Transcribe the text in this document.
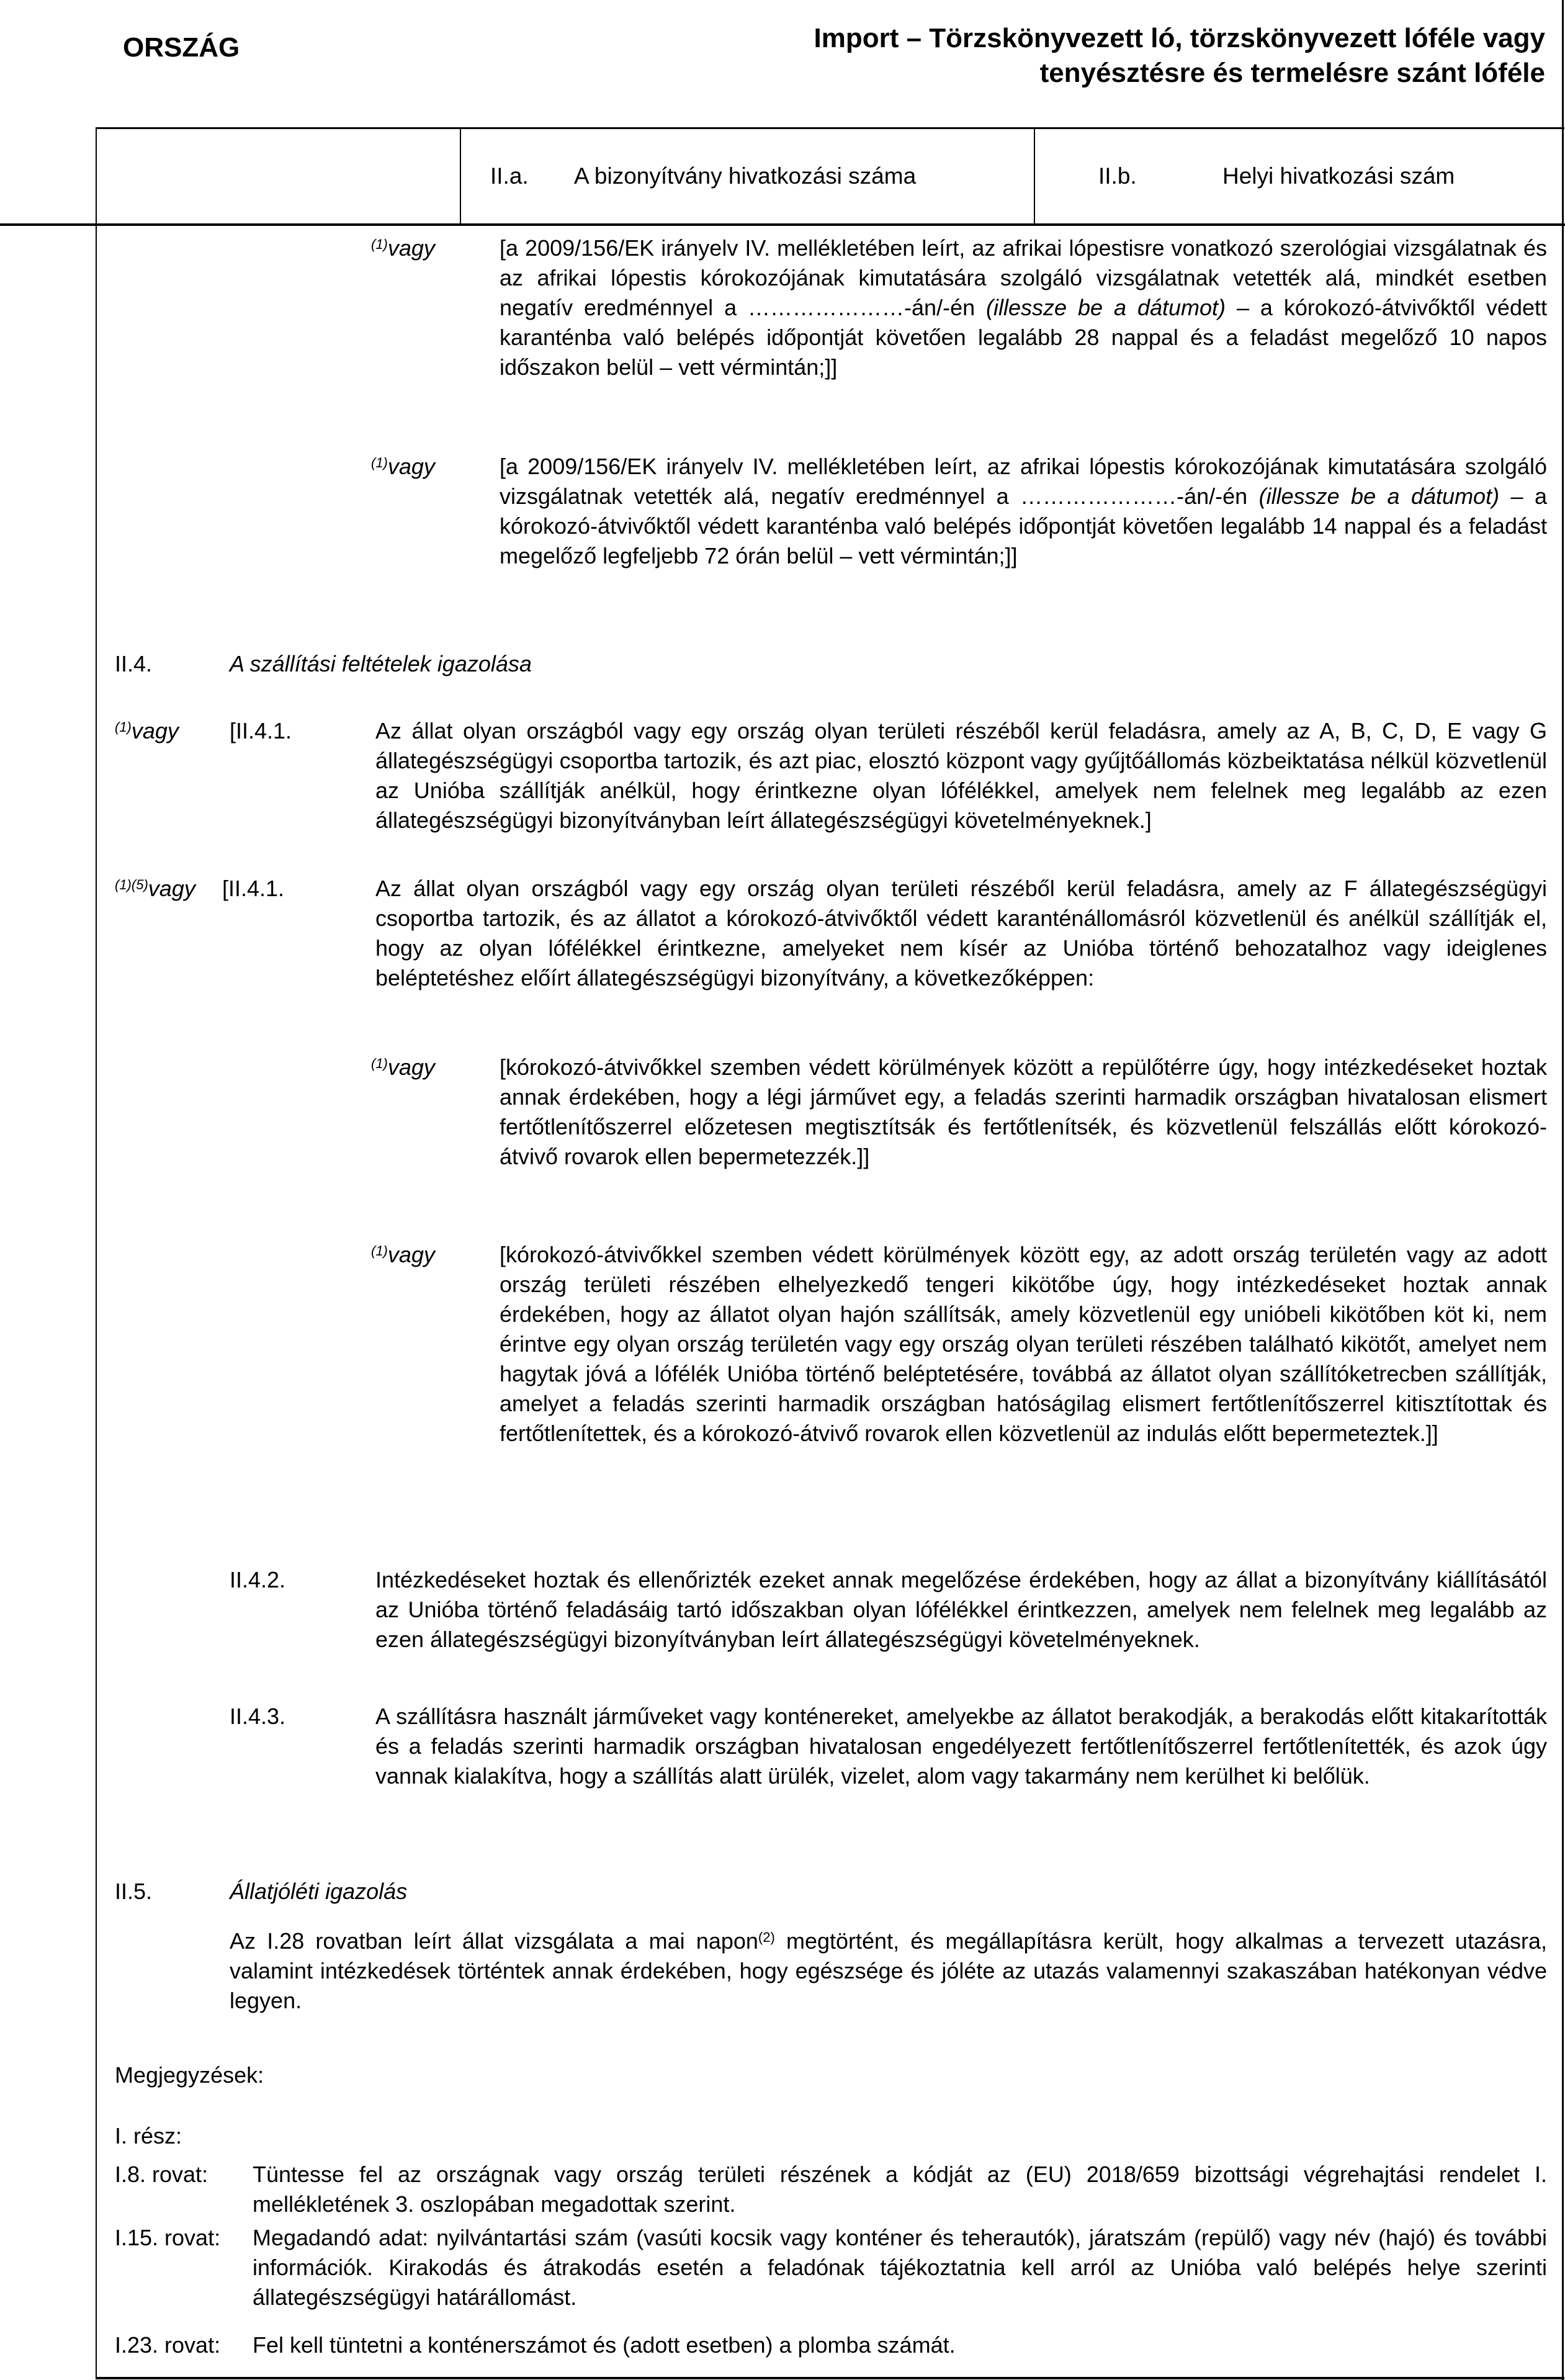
ORSZÁG	Import – Törzskönyvezett ló, törzskönyvezett lófélе vagy
tenyésztésre és termelésre szánt lóféle
II.a.	A bizonyítvány hivatkozási száma	II.b.	Helyi hivatkozási szám
$^{(1)}$vagy	[a 2009/156/EK irányelv IV. mellékletében leírt, az afrikai lópestisre vonatkozó szerológiai vizsgálatnak és az afrikai lópestis kórokozójának kimutatására szolgáló vizsgálatnak vetették alá, mindkét esetben negatív eredménnyel a …………………-án/-én (illessze be a dátumot) – a kórokozó-átvivőktől védett karanténba való belépés időpontját követően legalább 28 nappal és a feladást megelőző 10 napos időszakon belül – vett vérmintán;]]
$^{(1)}$vagy	[a 2009/156/EK irányelv IV. mellékletében leírt, az afrikai lópestis kórokozójának kimutatására szolgáló vizsgálatnak vetették alá, negatív eredménnyel a …………………-án/-én (illessze be a dátumot) – a kórokozó-átvivőktől védett karanténba való belépés időpontját követően legalább 14 nappal és a feladást megelőző legfeljebb 72 órán belül – vett vérmintán;]]
II.4.	A szállítási feltételek igazolása
$^{(1)}$vagy [II.4.1.	Az állat olyan országból vagy egy ország olyan területi részéből kerül feladásra, amely az A, B, C, D, E vagy G állategészségügyi csoportba tartozik, és azt piac, elosztó központ vagy gyűjtőállomás közbeiktatása nélkül közvetlenül az Unióba szállítják anélkül, hogy érintkezne olyan lófélékkel, amelyek nem felelnek meg legalább az ezen állategészségügyi bizonyítványban leírt állategészségügyi követelményeknek.]
$^{(1)(5)}$vagy [II.4.1.	Az állat olyan országból vagy egy ország olyan területi részéből kerül feladásra, amely az F állategészségügyi csoportba tartozik, és az állatot a kórokozó-átvivőktől védett karanténállomásról közvetlenül és anélkül szállítják el, hogy az olyan lófélékkel érintkezne, amelyeket nem kísér az Unióba történő behozatalhoz vagy ideiglenes beléptetéshez előírt állategészségügyi bizonyítvány, a következőképpen:
$^{(1)}$vagy	[kórokozó-átvivőkkel szemben védett körülmények között a repülőtérre úgy, hogy intézkedéseket hoztak annak érdekében, hogy a légi járművet egy, a feladás szerinti harmadik országban hivatalosan elismert fertőtlenítőszerrel előzetesen megtisztítsák és fertőtlenítsék, és közvetlenül felszállás előtt kórokozó-átvivő rovarok ellen bepermetezzék.]]
$^{(1)}$vagy	[kórokozó-átvivőkkel szemben védett körülmények között egy, az adott ország területén vagy az adott ország területi részében elhelyezkedő tengeri kikötőbe úgy, hogy intézkedéseket hoztak annak érdekében, hogy az állatot olyan hajón szállítsák, amely közvetlenül egy unióbeli kikötőben köt ki, nem érintve egy olyan ország területén vagy egy ország olyan területi részében található kikötőt, amelyet nem hagytak jóvá a lófélék Unióba történő beléptetésére, továbbá az állatot olyan szállítóketrecben szállítják, amelyet a feladás szerinti harmadik országban hatóságilag elismert fertőtlenítőszerrel kitisztítottak és fertőtlenítettek, és a kórokozó-átvivő rovarok ellen közvetlenül az indulás előtt bepermeteztek.]]
II.4.2.	Intézkedéseket hoztak és ellenőrizték ezeket annak megelőzése érdekében, hogy az állat a bizonyítvány kiállításától az Unióba történő feladásáig tartó időszakban olyan lófélékkel érintkezzen, amelyek nem felelnek meg legalább az ezen állategészségügyi bizonyítványban leírt állategészségügyi követelményeknek.
II.4.3.	A szállításra használt járműveket vagy konténereket, amelyekbe az állatot berakodják, a berakodás előtt kitakarították és a feladás szerinti harmadik országban hivatalosan engedélyezett fertőtlenítőszerrel fertőtlenítették, és azok úgy vannak kialakítva, hogy a szállítás alatt ürülék, vizelet, alom vagy takarmány nem kerülhet ki belőlük.
II.5.	Állatjóléti igazolás
Az I.28 rovatban leírt állat vizsgálata a mai napon$^{(2)}$ megtörtént, és megállapításra került, hogy alkalmas a tervezett utazásra, valamint intézkedések történtek annak érdekében, hogy egészsége és jóléte az utazás valamennyi szakaszában hatékonyan védve legyen.
Megjegyzések:
I. rész:
I.8. rovat: Tüntesse fel az országnak vagy ország területi részének a kódját az (EU) 2018/659 bizottsági végrehajtási rendelet I. mellékletének 3. oszlopában megadottak szerint.
I.15. rovat: Megadandó adat: nyilvántartási szám (vasúti kocsik vagy konténer és teherautók), járatszám (repülő) vagy név (hajó) és további információk. Kirakodás és átrakodás esetén a feladónak tájékoztatnia kell arról az Unióba való belépés helye szerinti állategészségügyi határállomást.
I.23. rovat: Fel kell tüntetni a konténerszámot és (adott esetben) a plomba számát.
